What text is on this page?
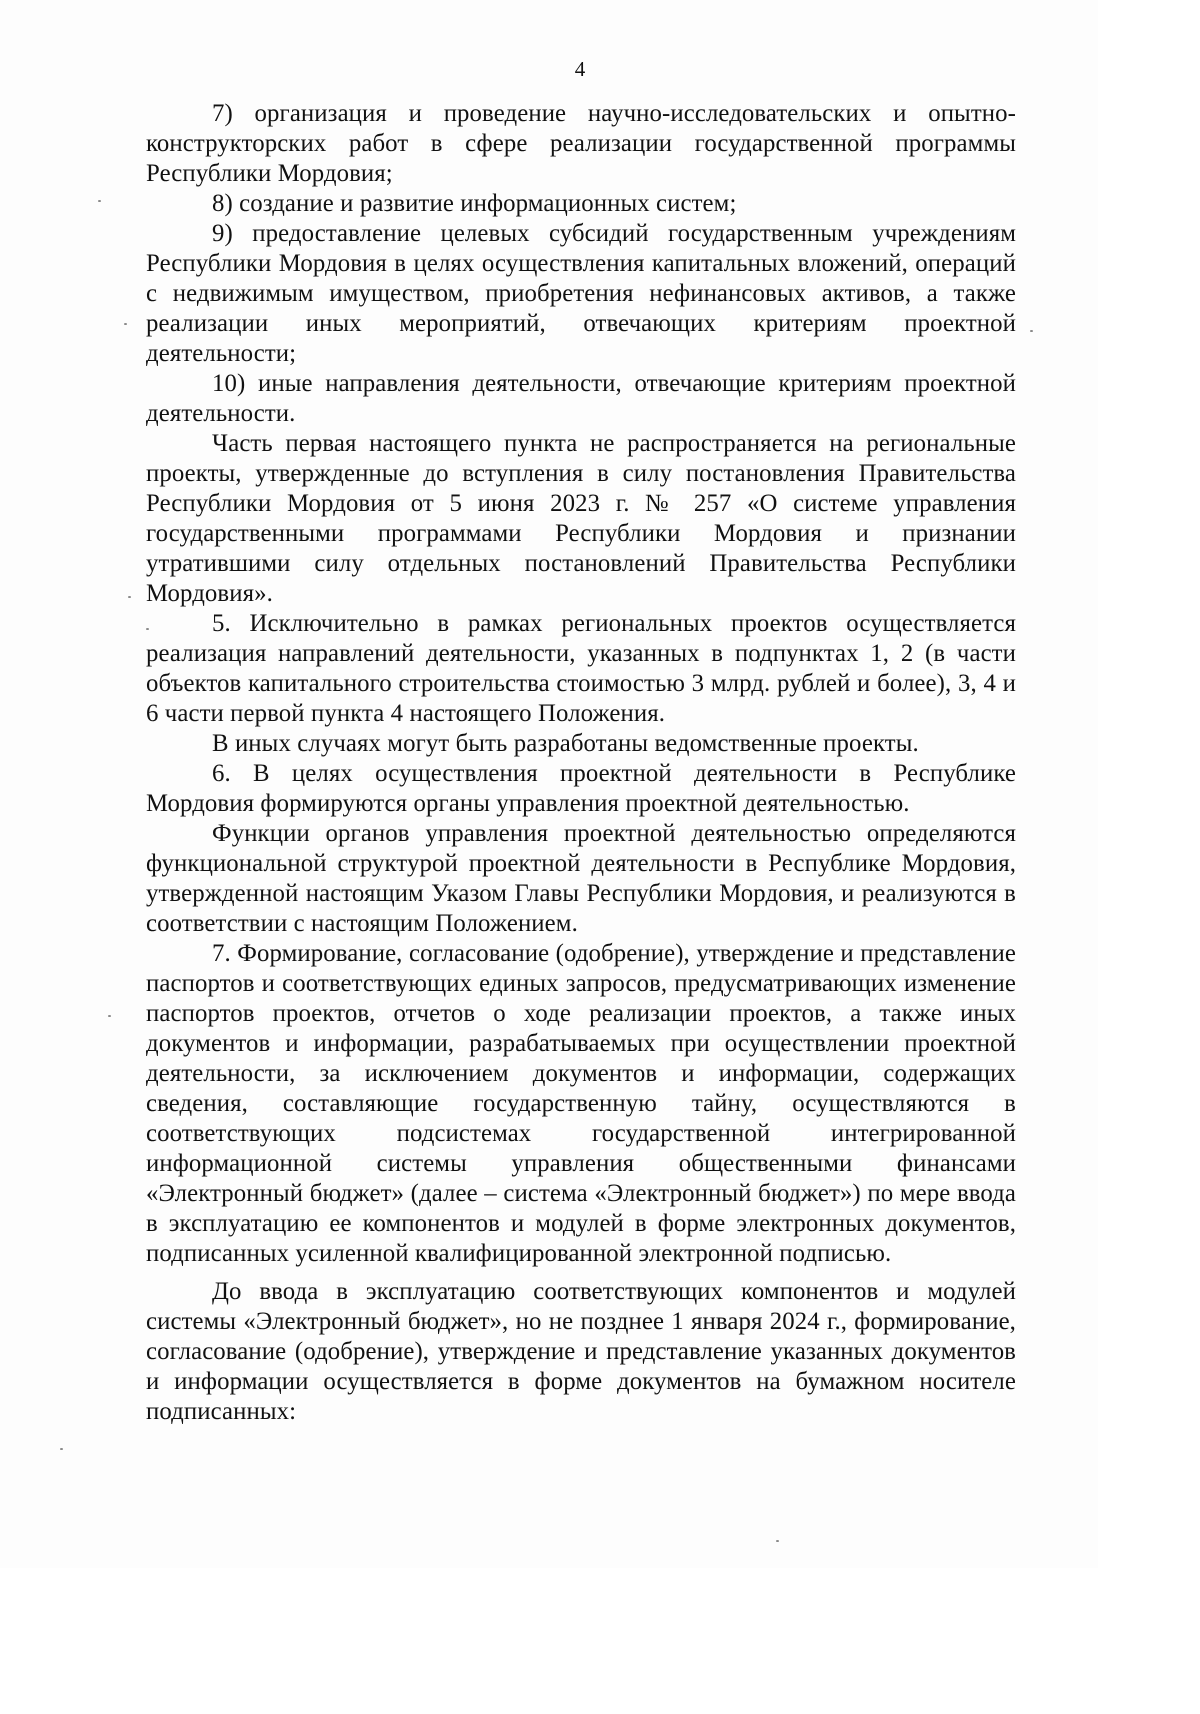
4

7) организация и проведение научно-исследовательских и опытно-конструкторских работ в сфере реализации государственной программы Республики Мордовия;

8) создание и развитие информационных систем;

9) предоставление целевых субсидий государственным учреждениям Республики Мордовия в целях осуществления капитальных вложений, операций с недвижимым имуществом, приобретения нефинансовых активов, а также реализации иных мероприятий, отвечающих критериям проектной деятельности;

10) иные направления деятельности, отвечающие критериям проектной деятельности.

Часть первая настоящего пункта не распространяется на региональные проекты, утвержденные до вступления в силу постановления Правительства Республики Мордовия от 5 июня 2023 г. № 257 «О системе управления государственными программами Республики Мордовия и признании утратившими силу отдельных постановлений Правительства Республики Мордовия».

5. Исключительно в рамках региональных проектов осуществляется реализация направлений деятельности, указанных в подпунктах 1, 2 (в части объектов капитального строительства стоимостью 3 млрд. рублей и более), 3, 4 и 6 части первой пункта 4 настоящего Положения.

В иных случаях могут быть разработаны ведомственные проекты.

6. В целях осуществления проектной деятельности в Республике Мордовия формируются органы управления проектной деятельностью.

Функции органов управления проектной деятельностью определяются функциональной структурой проектной деятельности в Республике Мордовия, утвержденной настоящим Указом Главы Республики Мордовия, и реализуются в соответствии с настоящим Положением.

7. Формирование, согласование (одобрение), утверждение и представление паспортов и соответствующих единых запросов, предусматривающих изменение паспортов проектов, отчетов о ходе реализации проектов, а также иных документов и информации, разрабатываемых при осуществлении проектной деятельности, за исключением документов и информации, содержащих сведения, составляющие государственную тайну, осуществляются в соответствующих подсистемах государственной интегрированной информационной системы управления общественными финансами «Электронный бюджет» (далее – система «Электронный бюджет») по мере ввода в эксплуатацию ее компонентов и модулей в форме электронных документов, подписанных усиленной квалифицированной электронной подписью.

До ввода в эксплуатацию соответствующих компонентов и модулей системы «Электронный бюджет», но не позднее 1 января 2024 г., формирование, согласование (одобрение), утверждение и представление указанных документов и информации осуществляется в форме документов на бумажном носителе подписанных:
